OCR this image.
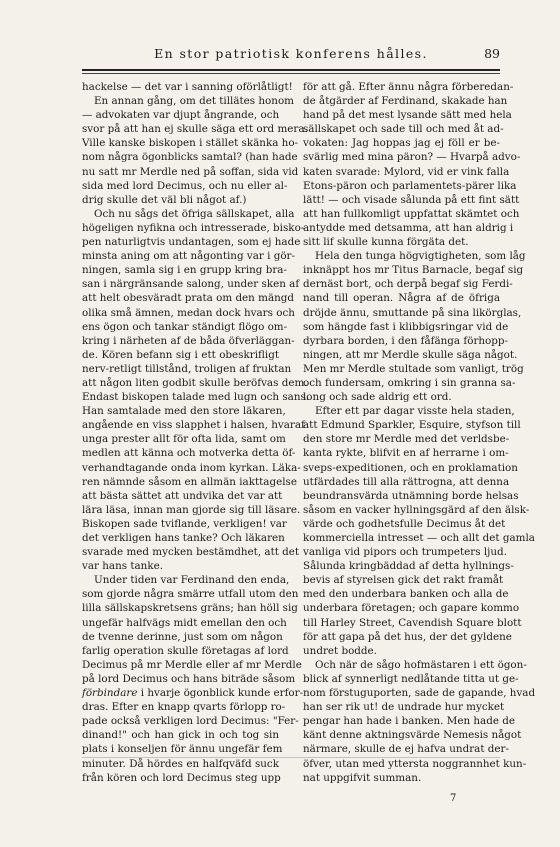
En stor patriotisk konferens hålles.	89

hackelse — det var i sanning oförlåtligt!

En annan gång, om det tillätes honom
— advokaten var djupt ångrande, och
svor på att han ej skulle säga ett ord mera.
Ville kanske biskopen i stället skänka ho-
nom några ögonblicks samtal? (han hade
nu satt mr Merdle ned på soffan, sida vid
sida med lord Decimus, och nu eller al-
drig skulle det väl bli något af.)

Och nu sågs det öfriga sällskapet, alla
högeligen nyfikna och intresserade, bisko-
pen naturligtvis undantagen, som ej hade
minsta aning om att någonting var i gör-
ningen, samla sig i en grupp kring bra-
san i närgränsande salong, under sken af
att helt obesväradt prata om den mängd
olika små ämnen, medan dock hvars och
ens ögon och tankar ständigt flögo om-
kring i närheten af de båda öfverläggan-
de. Kören befann sig i ett obeskrifligt
nerv-retligt tillstånd, troligen af fruktan
att någon liten godbit skulle beröfvas dem.
Endast biskopen talade med lugn och sans.
Han samtalade med den store läkaren,
angående en viss slapphet i halsen, hvaraf
unga prester allt för ofta lida, samt om
medlen att känna och motverka detta öf-
verhandtagande onda inom kyrkan. Läka-
ren nämnde såsom en allmän iakttagelse
att bästa sättet att undvika det var att
lära läsa, innan man gjorde sig till läsare.
Biskopen sade tviflande, verkligen! var
det verkligen hans tanke? Och läkaren
svarade med mycken bestämdhet, att det
var hans tanke.

Under tiden var Ferdinand den enda,
som gjorde några smärre utfall utom den
lilla sällskapskretsens gräns; han höll sig
ungefär halfvägs midt emellan den och
de tvenne derinne, just som om någon
farlig operation skulle företagas af lord
Decimus på mr Merdle eller af mr Merdle
på lord Decimus och hans biträde såsom
förbindare i hvarje ögonblick kunde erfor-
dras. Efter en knapp qvarts förlopp ro-
pade också verkligen lord Decimus: "Fer-
dinand!" och han gick in och tog sin
plats i konseljen för ännu ungefär fem
minuter. Då hördes en halfqväfd suck
från kören och lord Decimus steg upp

för att gå. Efter ännu några förberedan-
de åtgärder af Ferdinand, skakade han
hand på det mest lysande sätt med hela
sällskapet och sade till och med åt ad-
vokaten: Jag hoppas jag ej föll er be-
svärlig med mina päron? — Hvarpå advo-
katen svarade: Mylord, vid er vink falla
Etons-päron och parlamentets-pärer lika
lätt! — och visade sålunda på ett fint sätt
att han fullkomligt uppfattat skämtet och
antydde med detsamma, att han aldrig i
sitt lif skulle kunna förgäta det.

Hela den tunga högvigtigheten, som låg
inknäppt hos mr Titus Barnacle, begaf sig
dernäst bort, och derpå begaf sig Ferdi-
nand till operan. Några af de öfriga
dröjde ännu, smuttande på sina likörglas,
som hängde fast i klibbigsringar vid de
dyrbara borden, i den fåfänga förhopp-
ningen, att mr Merdle skulle säga något.
Men mr Merdle stultade som vanligt, trög
och fundersam, omkring i sin granna sa-
long och sade aldrig ett ord.

Efter ett par dagar visste hela staden,
att Edmund Sparkler, Esquire, styfson till
den store mr Merdle med det verldsbe-
kanta rykte, blifvit en af herrarne i om-
sveps-expeditionen, och en proklamation
utfärdades till alla rättrogna, att denna
beundransvärda utnämning borde helsas
såsom en vacker hyllningsgärd af den älsk-
värde och godhetsfulle Decimus åt det
kommerciella intresset — och allt det gamla
vanliga vid pipors och trumpeters ljud.
Sålunda kringbäddad af detta hyllnings-
bevis af styrelsen gick det rakt framåt
med den underbara banken och alla de
underbara företagen; och gapare kommo
till Harley Street, Cavendish Square blott
för att gapa på det hus, der det gyldene
undret bodde.

Och när de sågo hofmästaren i ett ögon-
blick af synnerligt nedlåtande titta ut ge-
nom förstuguporten, sade de gapande, hvad
han ser rik ut! de undrade hur mycket
pengar han hade i banken. Men hade de
känt denne aktningsvärde Nemesis något
närmare, skulle de ej hafva undrat der-
öfver, utan med yttersta noggrannhet kun-
nat uppgifvit summan.

7
